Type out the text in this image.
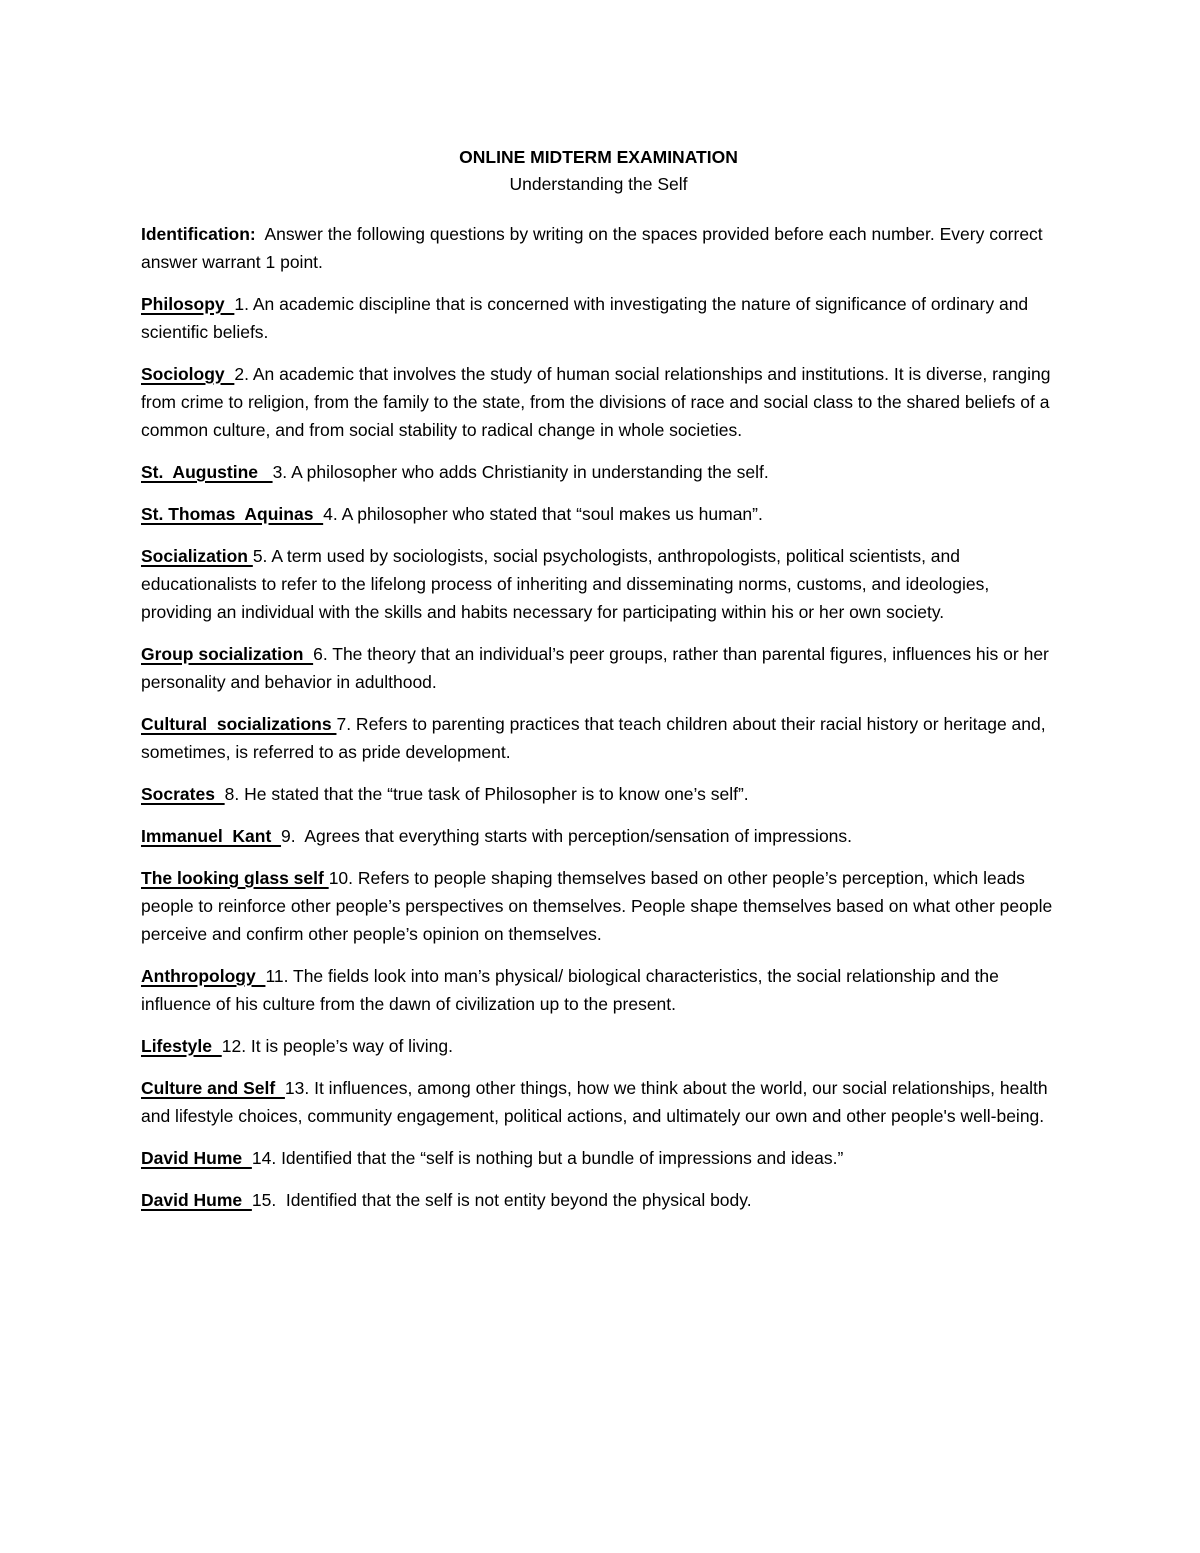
ONLINE MIDTERM EXAMINATION
Understanding the Self

Identification:  Answer the following questions by writing on the spaces provided before each number. Every correct answer warrant 1 point.

Philosopy  1. An academic discipline that is concerned with investigating the nature of significance of ordinary and scientific beliefs.

Sociology  2. An academic that involves the study of human social relationships and institutions. It is diverse, ranging from crime to religion, from the family to the state, from the divisions of race and social class to the shared beliefs of a common culture, and from social stability to radical change in whole societies.

St.  Augustine   3. A philosopher who adds Christianity in understanding the self.

St. Thomas  Aquinas  4. A philosopher who stated that “soul makes us human”.

Socialization 5. A term used by sociologists, social psychologists, anthropologists, political scientists, and educationalists to refer to the lifelong process of inheriting and disseminating norms, customs, and ideologies, providing an individual with the skills and habits necessary for participating within his or her own society.

Group socialization  6. The theory that an individual’s peer groups, rather than parental figures, influences his or her personality and behavior in adulthood.

Cultural  socializations 7. Refers to parenting practices that teach children about their racial history or heritage and, sometimes, is referred to as pride development.

Socrates  8. He stated that the “true task of Philosopher is to know one’s self”.

Immanuel  Kant  9.  Agrees that everything starts with perception/sensation of impressions.

The looking glass self 10. Refers to people shaping themselves based on other people’s perception, which leads people to reinforce other people’s perspectives on themselves. People shape themselves based on what other people perceive and confirm other people’s opinion on themselves.

Anthropology  11. The fields look into man’s physical/ biological characteristics, the social relationship and the influence of his culture from the dawn of civilization up to the present.

Lifestyle  12. It is people’s way of living.

Culture and Self  13. It influences, among other things, how we think about the world, our social relationships, health and lifestyle choices, community engagement, political actions, and ultimately our own and other people's well-being.

David Hume  14. Identified that the “self is nothing but a bundle of impressions and ideas.”

David Hume  15.  Identified that the self is not entity beyond the physical body.
